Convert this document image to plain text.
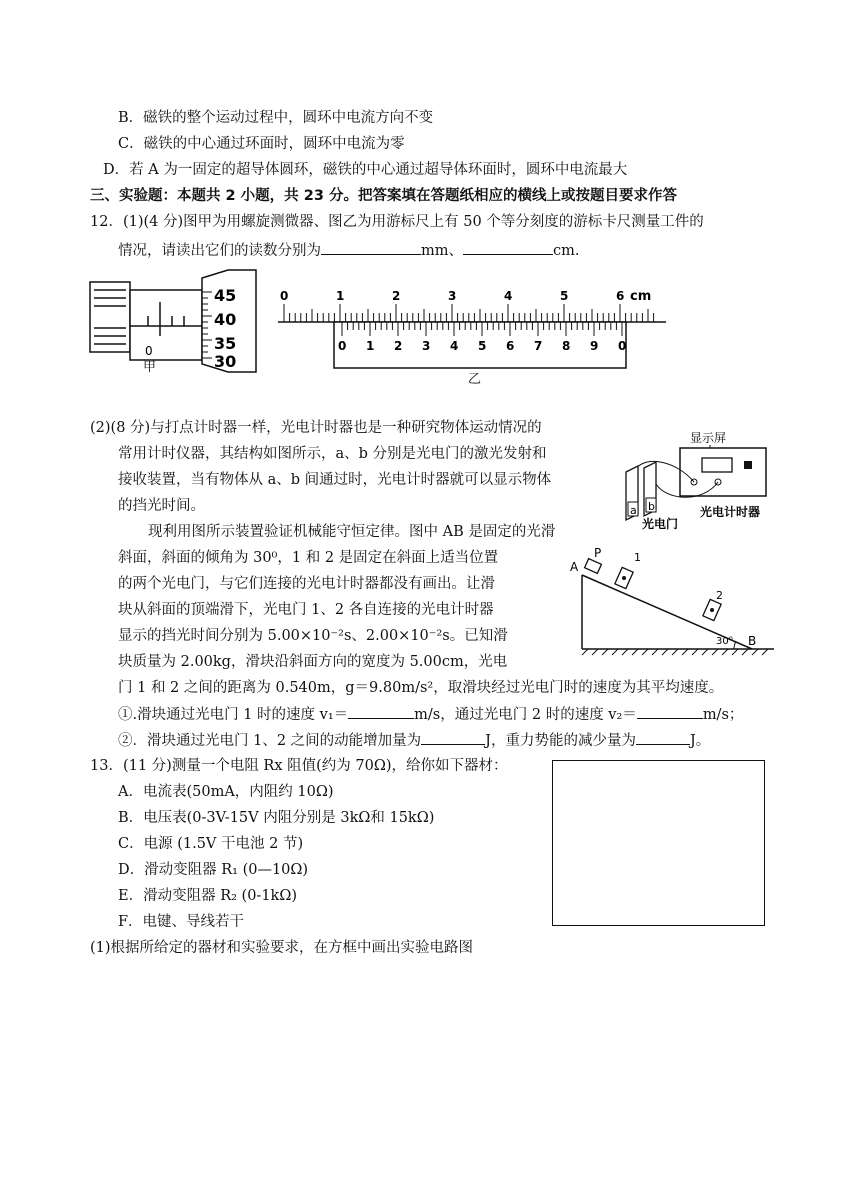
B．磁铁的整个运动过程中，圆环中电流方向不变
C．磁铁的中心通过环面时，圆环中电流为零
D．若 A 为一固定的超导体圆环，磁铁的中心通过超导体环面时，圆环中电流最大
三、实验题：本题共 2 小题，共 23 分。把答案填在答题纸相应的横线上或按题目要求作答
12．(1)(4 分)图甲为用螺旋测微器、图乙为用游标尺上有 50 个等分刻度的游标卡尺测量工件的
情况，请读出它们的读数分别为	mm、	cm.
0
45
40
35
30
甲
0	1	2	3	4	5	6
0 1 2 3 4 5 6 7 8 9 0
cm
乙
(2)(8 分)与打点计时器一样，光电计时器也是一种研究物体运动情况的
常用计时仪器，其结构如图所示，a、b 分别是光电门的激光发射和
接收装置，当有物体从 a、b 间通过时，光电计时器就可以显示物体
的挡光时间。
现利用图所示装置验证机械能守恒定律。图中 AB 是固定的光滑
斜面，斜面的倾角为 30⁰，1 和 2 是固定在斜面上适当位置
的两个光电门，与它们连接的光电计时器都没有画出。让滑
块从斜面的顶端滑下，光电门 1、2 各自连接的光电计时器
显示的挡光时间分别为 5.00×10⁻²s、2.00×10⁻²s。已知滑
块质量为 2.00kg，滑块沿斜面方向的宽度为 5.00cm，光电
门 1 和 2 之间的距离为 0.540m，g＝9.80m/s²，取滑块经过光电门时的速度为其平均速度。
①.滑块通过光电门 1 时的速度 v₁＝	m/s，通过光电门 2 时的速度 v₂＝	m/s；
②．滑块通过光电门 1、2 之间的动能增加量为	J，重力势能的减少量为	J。
显示屏
a b
光电门
光电计时器
A
P	1
2
30⁰ B
13．(11 分)测量一个电阻 Rx 阻值(约为 70Ω)，给你如下器材：
A．电流表(50mA，内阻约 10Ω)
B．电压表(0-3V-15V 内阻分别是 3kΩ和 15kΩ)
C．电源 (1.5V 干电池 2 节)
D．滑动变阻器 R₁ (0—10Ω)
E．滑动变阻器 R₂ (0-1kΩ)
F．电键、导线若干
(1)根据所给定的器材和实验要求，在方框中画出实验电路图
